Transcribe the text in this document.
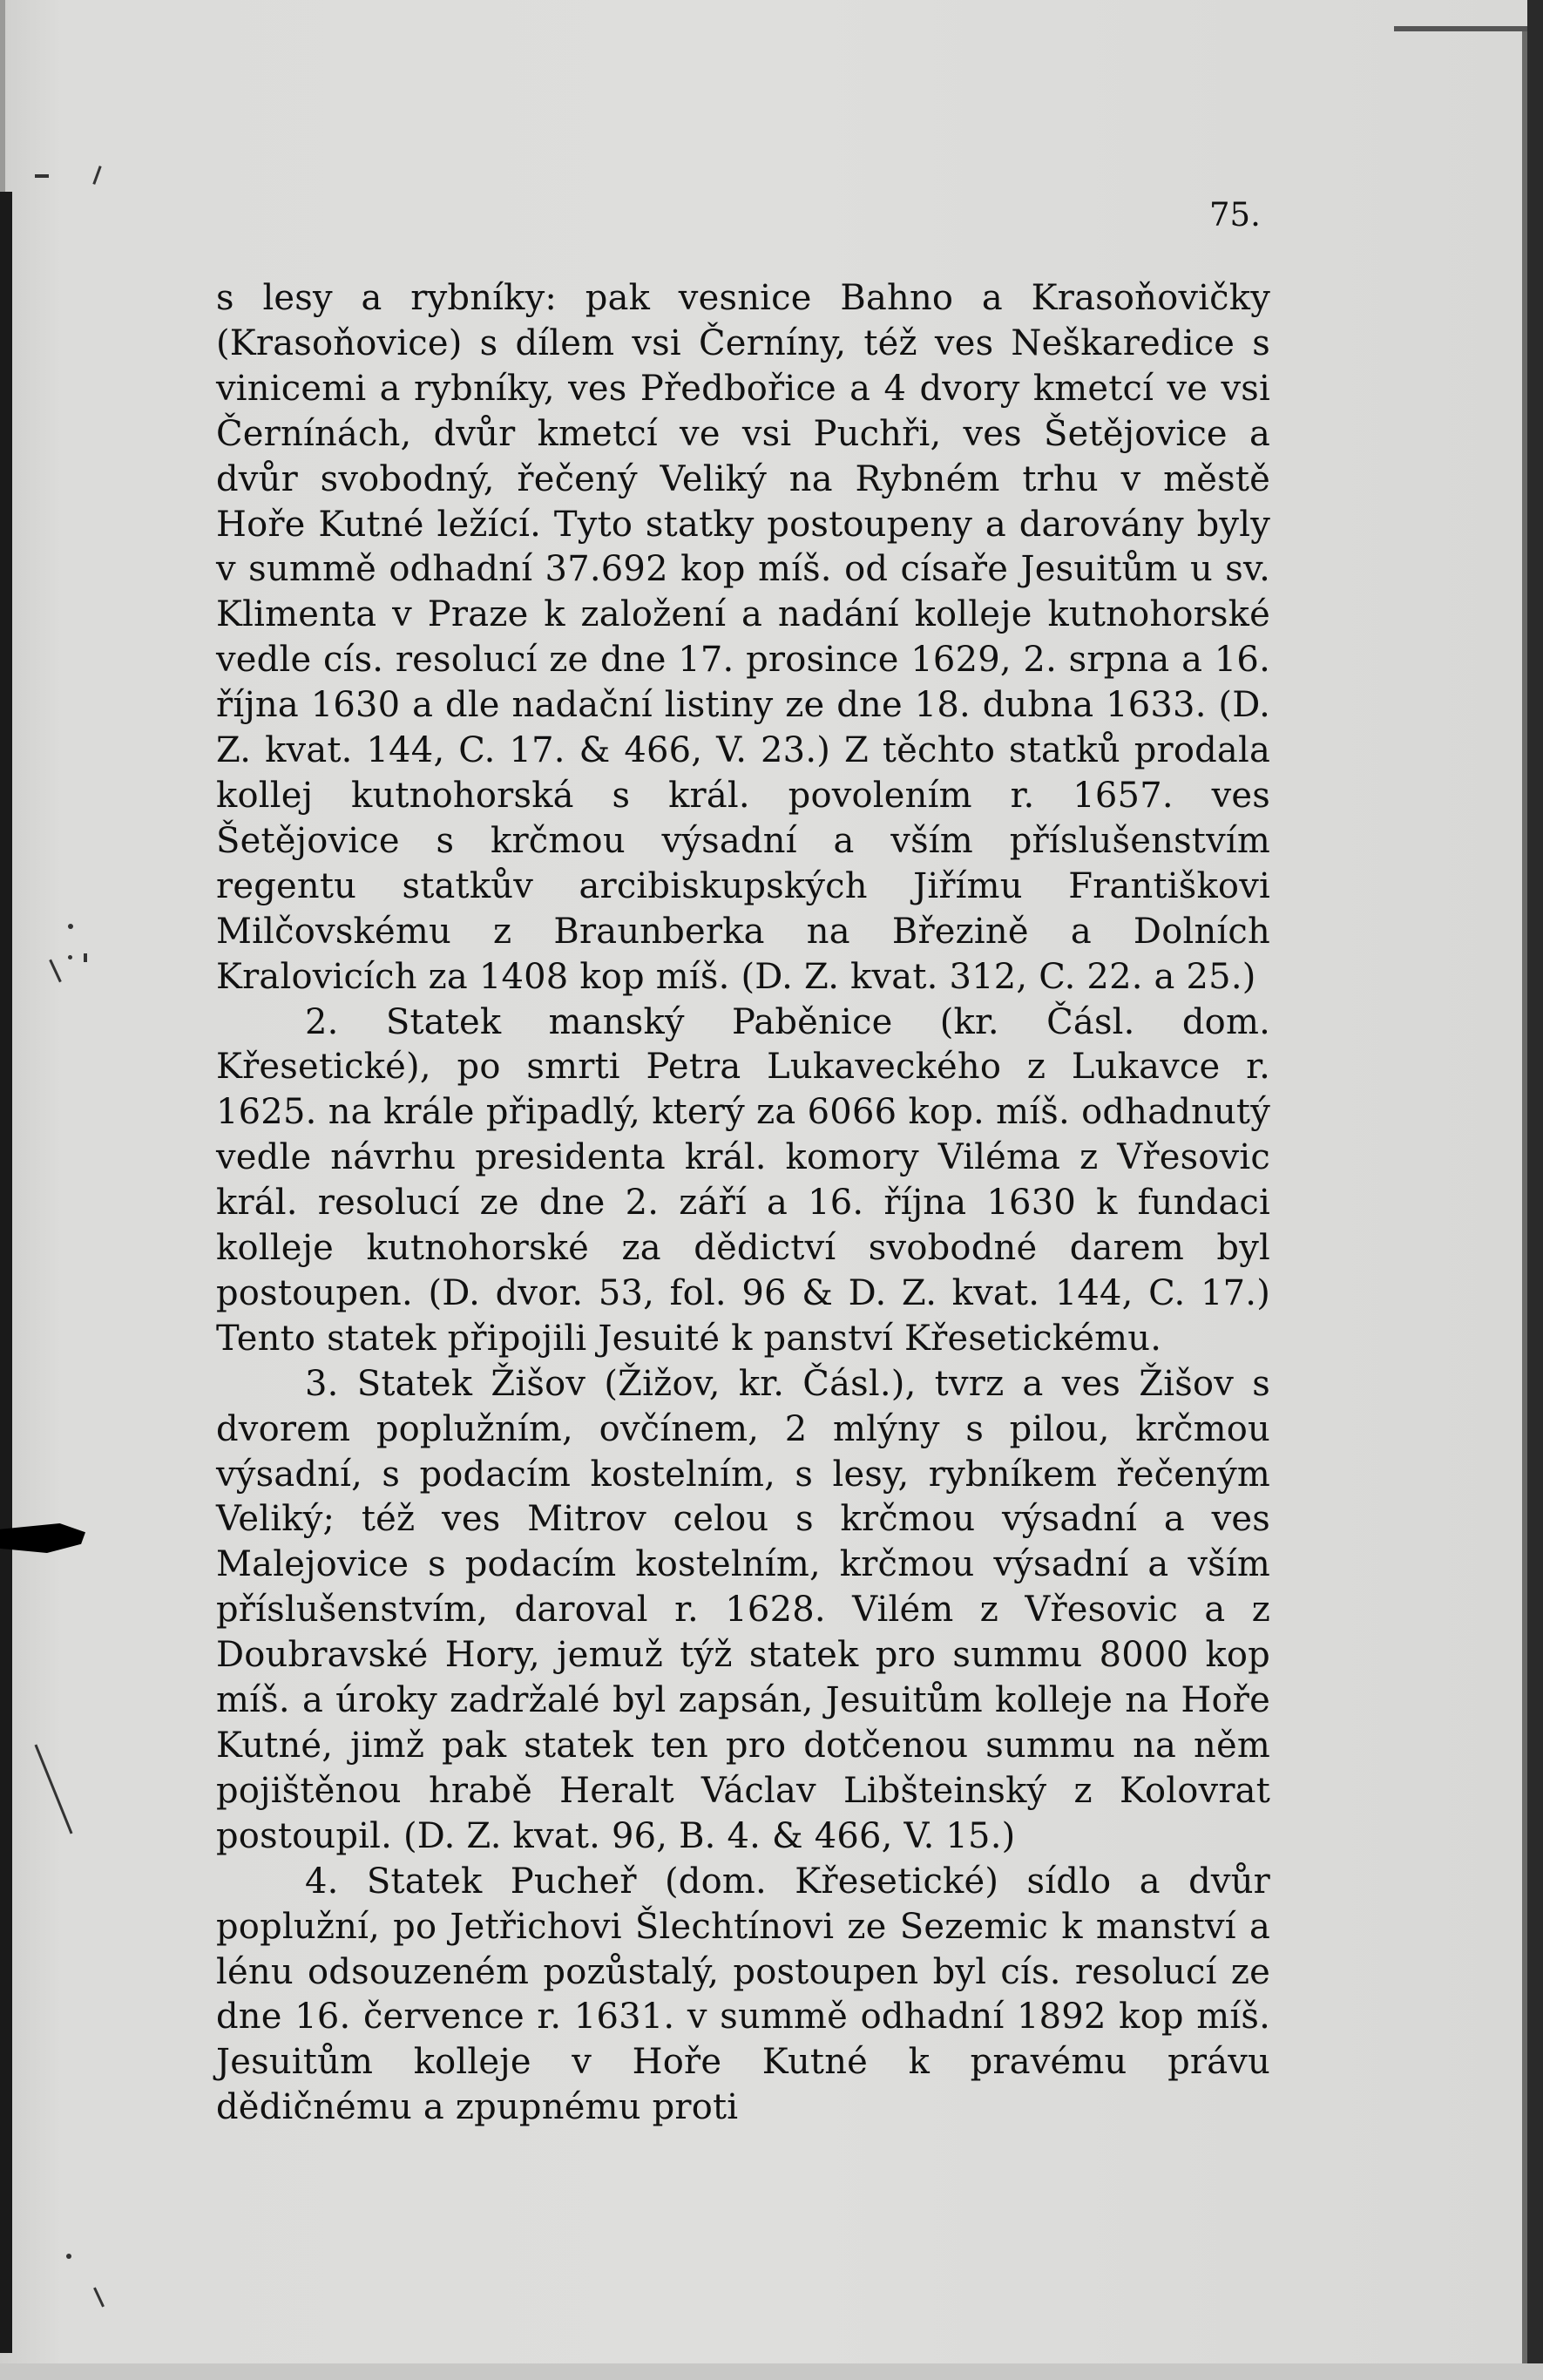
75.

s lesy a rybníky: pak vesnice Bahno a Krasoňovičky (Krasoňovice) s dílem vsi Černíny, též ves Neškaredice s vinicemi a rybníky, ves Předbořice a 4 dvory kmetcí ve vsi Černínách, dvůr kmetcí ve vsi Puchři, ves Šetějovice a dvůr svobodný, řečený Veliký na Rybném trhu v městě Hoře Kutné ležící. Tyto statky postoupeny a darovány byly v summě odhadní 37.692 kop míš. od císaře Jesuitům u sv. Klimenta v Praze k založení a nadání kolleje kutnohorské vedle cís. resolucí ze dne 17. prosince 1629, 2. srpna a 16. října 1630 a dle nadační listiny ze dne 18. dubna 1633. (D. Z. kvat. 144, C. 17. & 466, V. 23.) Z těchto statků prodala kollej kutnohorská s král. povolením r. 1657. ves Šetějovice s krčmou výsadní a vším příslušenstvím regentu statkův arcibiskupských Jiřímu Františkovi Milčovskému z Braunberka na Březině a Dolních Kralovicích za 1408 kop míš. (D. Z. kvat. 312, C. 22. a 25.)

2. Statek manský Paběnice (kr. Čásl. dom. Křesetické), po smrti Petra Lukaveckého z Lukavce r. 1625. na krále připadlý, který za 6066 kop. míš. odhadnutý vedle návrhu presidenta král. komory Viléma z Vřesovic král. resolucí ze dne 2. září a 16. října 1630 k fundaci kolleje kutnohorské za dědictví svobodné darem byl postoupen. (D. dvor. 53, fol. 96 & D. Z. kvat. 144, C. 17.) Tento statek připojili Jesuité k panství Křesetickému.

3. Statek Žišov (Žižov, kr. Čásl.), tvrz a ves Žišov s dvorem poplužním, ovčínem, 2 mlýny s pilou, krčmou výsadní, s podacím kostelním, s lesy, rybníkem řečeným Veliký; též ves Mitrov celou s krčmou výsadní a ves Malejovice s podacím kostelním, krčmou výsadní a vším příslušenstvím, daroval r. 1628. Vilém z Vřesovic a z Doubravské Hory, jemuž týž statek pro summu 8000 kop míš. a úroky zadržalé byl zapsán, Jesuitům kolleje na Hoře Kutné, jimž pak statek ten pro dotčenou summu na něm pojištěnou hrabě Heralt Václav Libšteinský z Kolovrat postoupil. (D. Z. kvat. 96, B. 4. & 466, V. 15.)

4. Statek Pucheř (dom. Křesetické) sídlo a dvůr poplužní, po Jetřichovi Šlechtínovi ze Sezemic k manství a lénu odsouzeném pozůstalý, postoupen byl cís. resolucí ze dne 16. července r. 1631. v summě odhadní 1892 kop míš. Jesuitům kolleje v Hoře Kutné k pravému právu dědičnému a zpupnému proti
